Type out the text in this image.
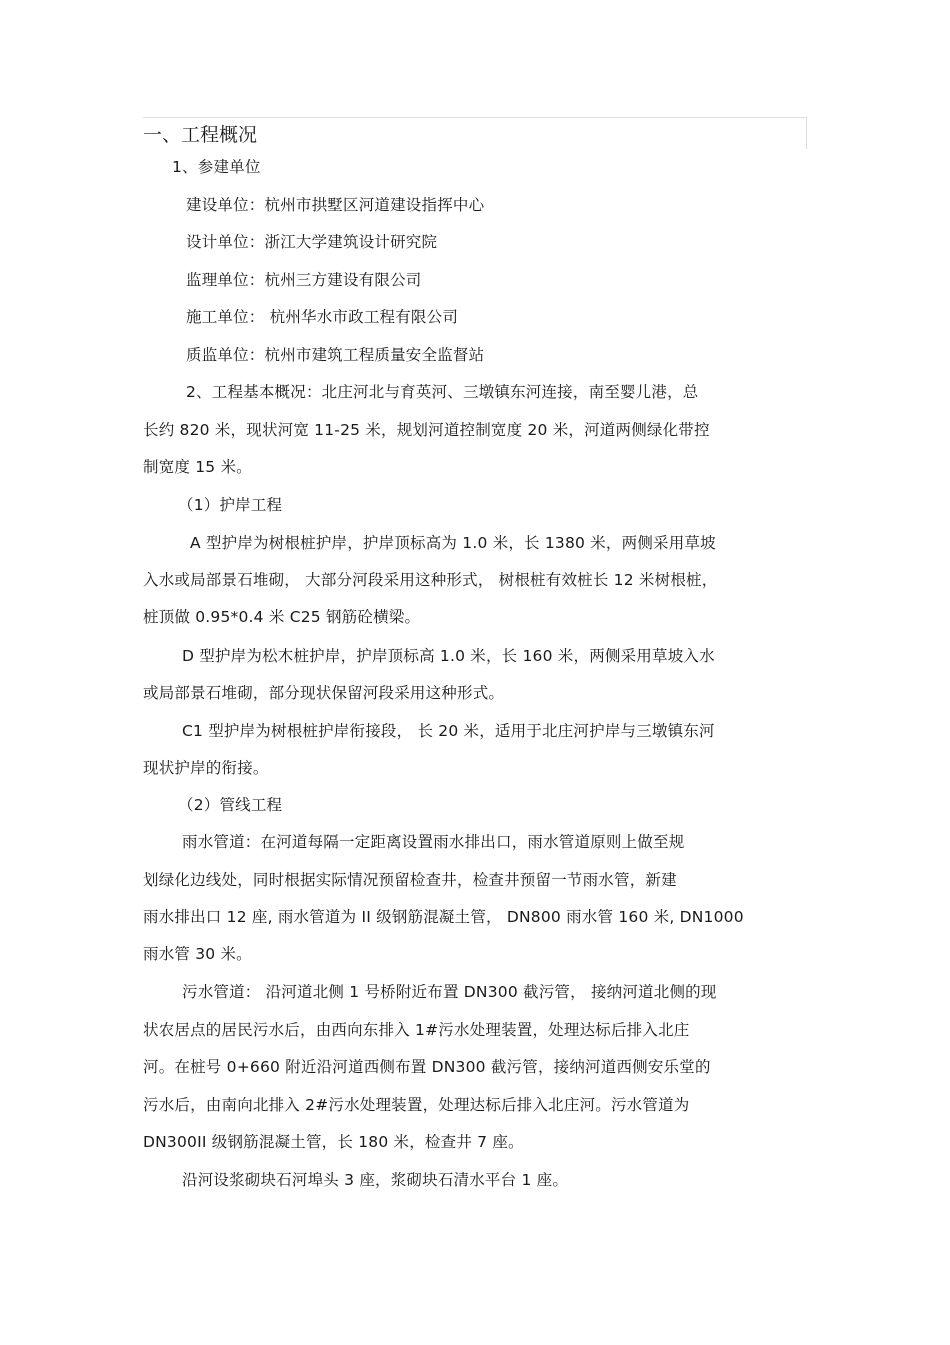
一、工程概况
1、参建单位
建设单位：杭州市拱墅区河道建设指挥中心
设计单位：浙江大学建筑设计研究院
监理单位：杭州三方建设有限公司
施工单位： 杭州华水市政工程有限公司
质监单位：杭州市建筑工程质量安全监督站
2、工程基本概况：北庄河北与育英河、三墩镇东河连接，南至婴儿港，总
长约 820 米，现状河宽 11-25 米，规划河道控制宽度 20 米，河道两侧绿化带控
制宽度 15 米。
（1）护岸工程
A 型护岸为树根桩护岸，护岸顶标高为 1.0 米，长 1380 米，两侧采用草坡
入水或局部景石堆砌， 大部分河段采用这种形式， 树根桩有效桩长 12 米树根桩，
桩顶做 0.95*0.4 米 C25 钢筋砼横梁。
D 型护岸为松木桩护岸，护岸顶标高 1.0 米，长 160 米，两侧采用草坡入水
或局部景石堆砌，部分现状保留河段采用这种形式。
C1 型护岸为树根桩护岸衔接段， 长 20 米，适用于北庄河护岸与三墩镇东河
现状护岸的衔接。
（2）管线工程
雨水管道：在河道每隔一定距离设置雨水排出口，雨水管道原则上做至规
划绿化边线处，同时根据实际情况预留检查井，检查井预留一节雨水管，新建
雨水排出口 12 座, 雨水管道为 II 级钢筋混凝土管， DN800 雨水管 160 米, DN1000
雨水管 30 米。
污水管道： 沿河道北侧 1 号桥附近布置 DN300 截污管， 接纳河道北侧的现
状农居点的居民污水后，由西向东排入 1#污水处理装置，处理达标后排入北庄
河。在桩号 0+660 附近沿河道西侧布置 DN300 截污管，接纳河道西侧安乐堂的
污水后，由南向北排入 2#污水处理装置，处理达标后排入北庄河。污水管道为
DN300II 级钢筋混凝土管，长 180 米，检查井 7 座。
沿河设浆砌块石河埠头 3 座，浆砌块石清水平台 1 座。
